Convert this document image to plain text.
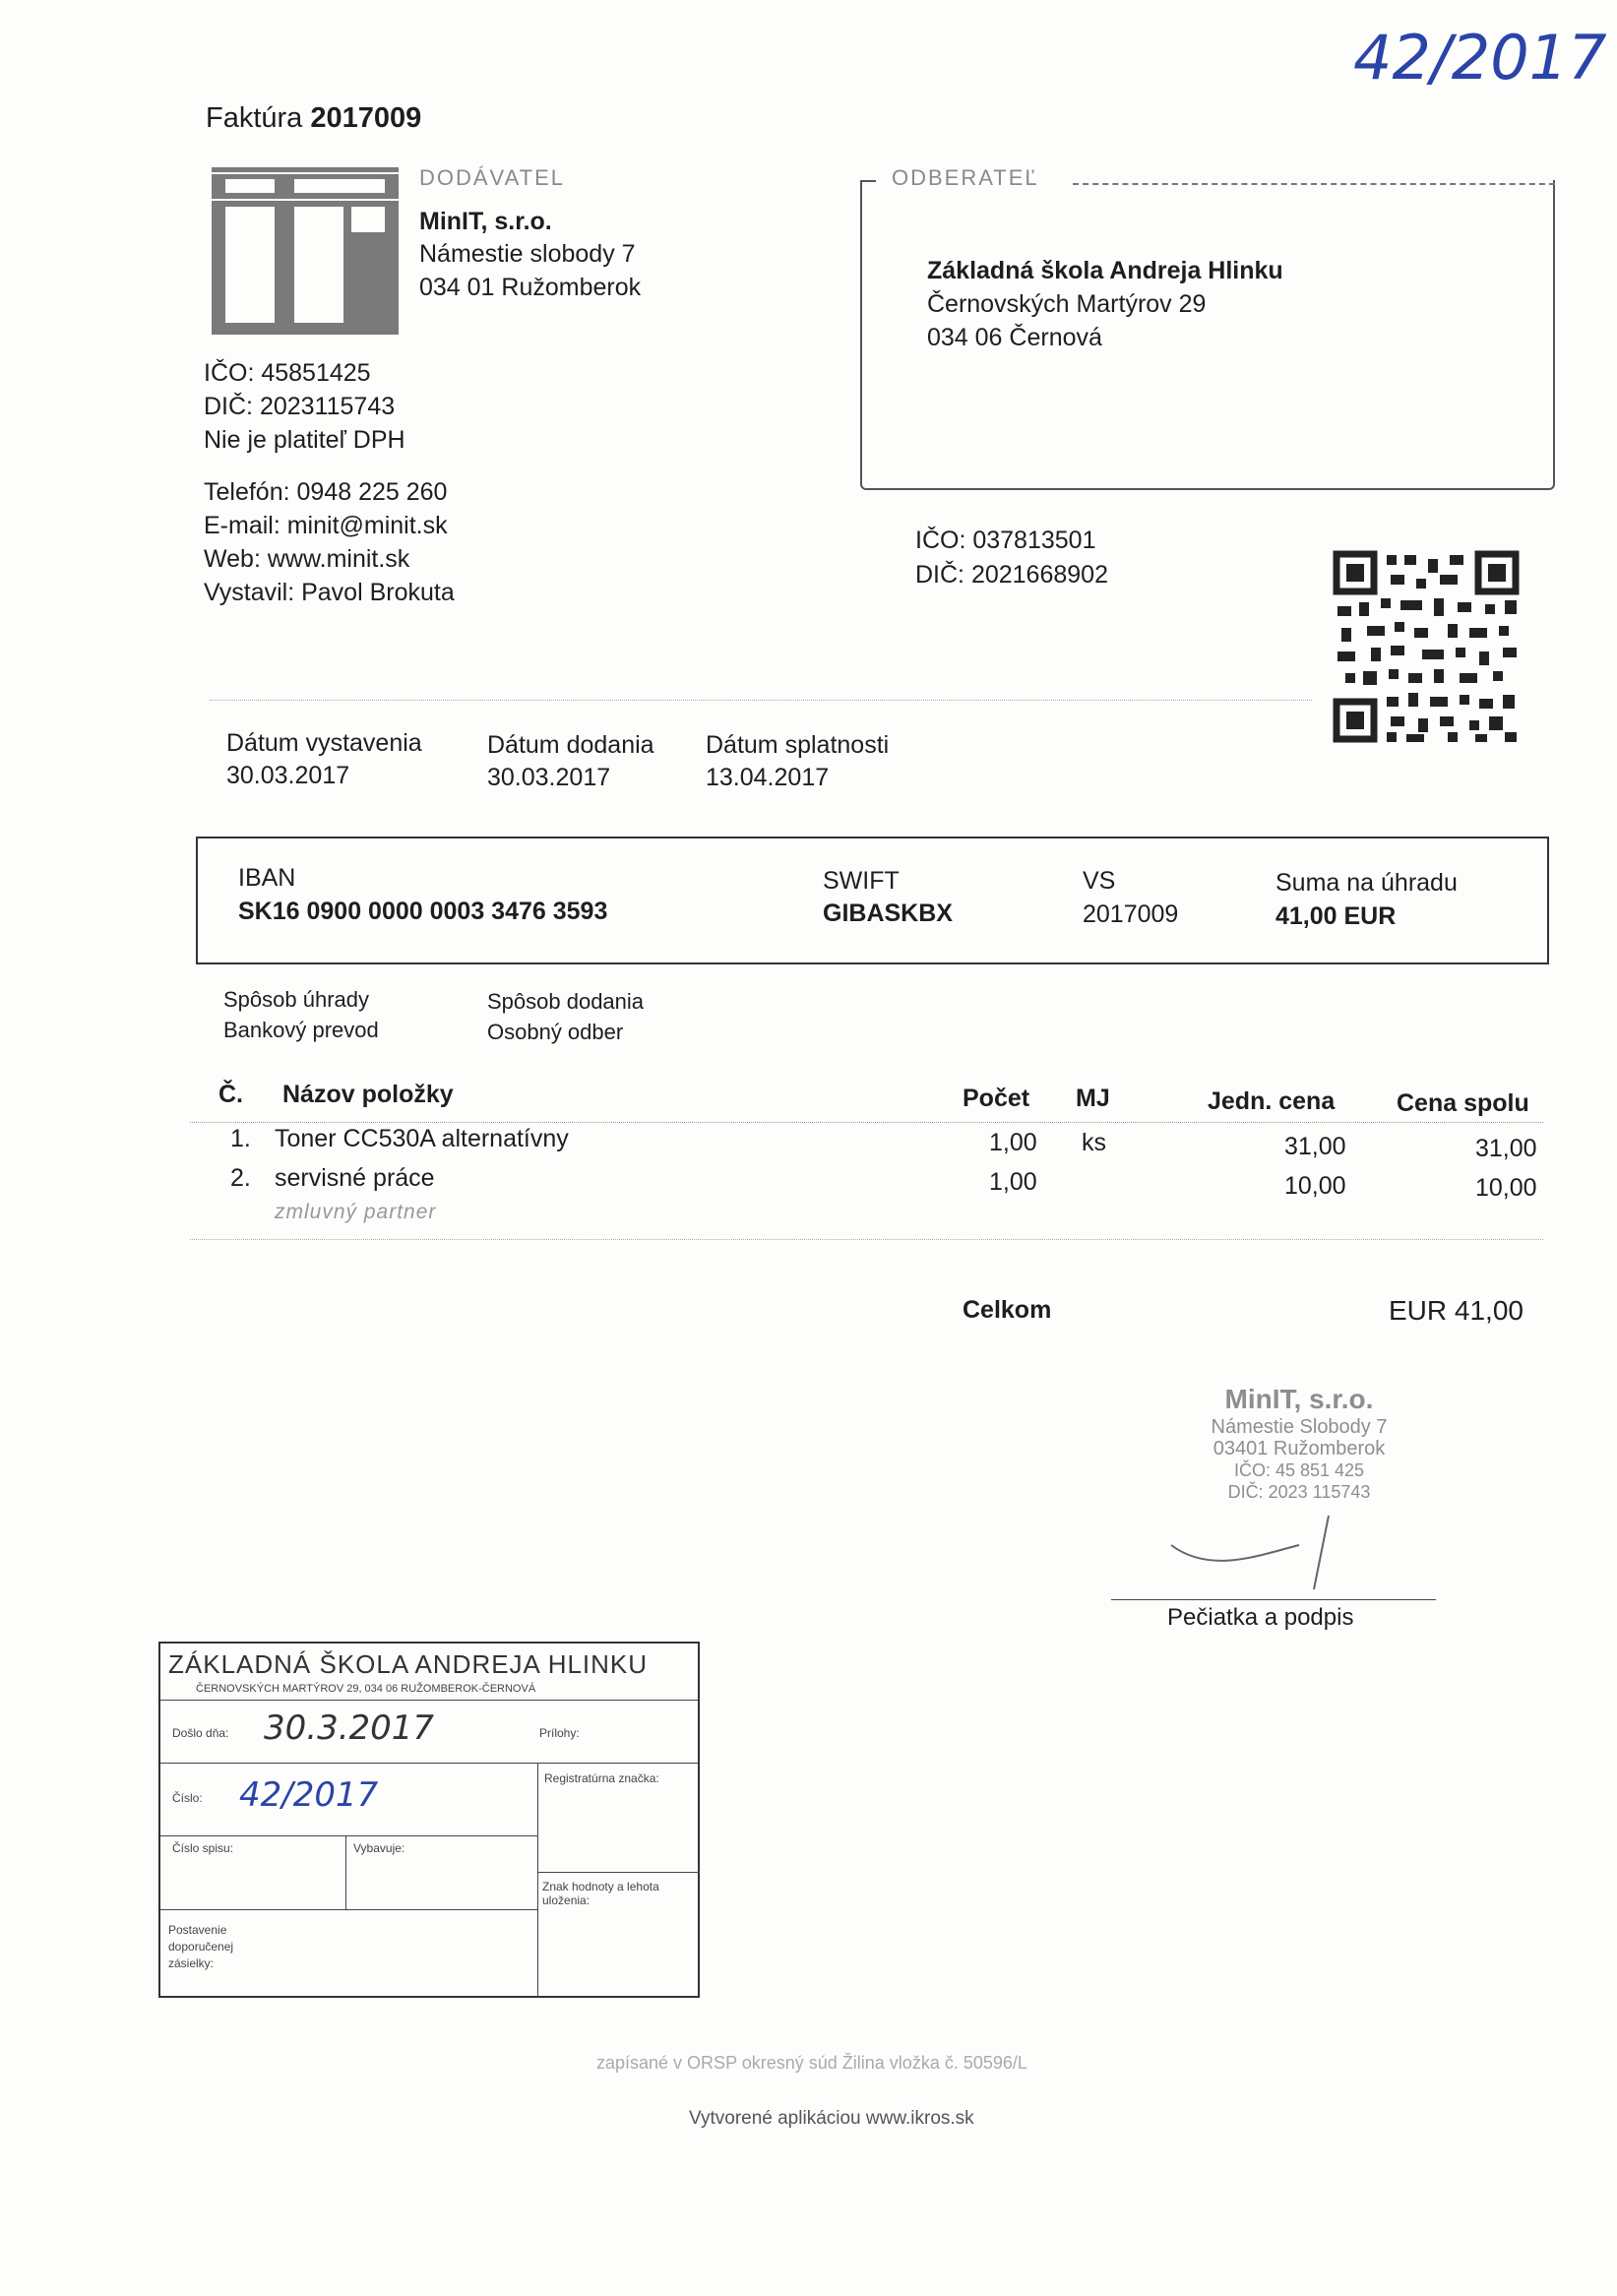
42/2017
Faktúra 2017009
DODÁVATEL
MinIT, s.r.o.
Námestie slobody 7
034 01 Ružomberok
IČO: 45851425
DIČ: 2023115743
Nie je platiteľ DPH
Telefón: 0948 225 260
E-mail: minit@minit.sk
Web: www.minit.sk
Vystavil: Pavol Brokuta
ODBERATEĽ
Základná škola Andreja Hlinku
Černovských Martýrov 29
034 06 Černová
IČO: 037813501
DIČ: 2021668902
Dátum vystavenia
30.03.2017
Dátum dodania
30.03.2017
Dátum splatnosti
13.04.2017
IBAN
SK16 0900 0000 0003 3476 3593
SWIFT
GIBASKBX
VS
2017009
Suma na úhradu
41,00 EUR
Spôsob úhrady
Bankový prevod
Spôsob dodania
Osobný odber
Č. Názov položky	Počet MJ	Jedn. cena	Cena spolu
1. Toner CC530A alternatívny	1,00 ks	31,00	31,00
2. servisné práce	1,00	10,00	10,00
zmluvný partner
Celkom	EUR 41,00
MinIT, s.r.o.
Námestie Slobody 7
03401 Ružomberok
IČO: 45 851 425
DIČ: 2023 115743
Pečiatka a podpis
ZÁKLADNÁ ŠKOLA ANDREJA HLINKU
ČERNOVSKÝCH MARTÝROV 29, 034 06 RUŽOMBEROK-ČERNOVÁ
Došlo dňa: 30.3.2017	Prílohy:
Číslo: 42/2017	Registratúrna značka:
Číslo spisu:	Vybavuje:
Znak hodnoty a lehota uloženia:
Postavenie doporučenej zásielky:
zapísané v ORSP okresný súd Žilina vložka č. 50596/L
Vytvorené aplikáciou www.ikros.sk
